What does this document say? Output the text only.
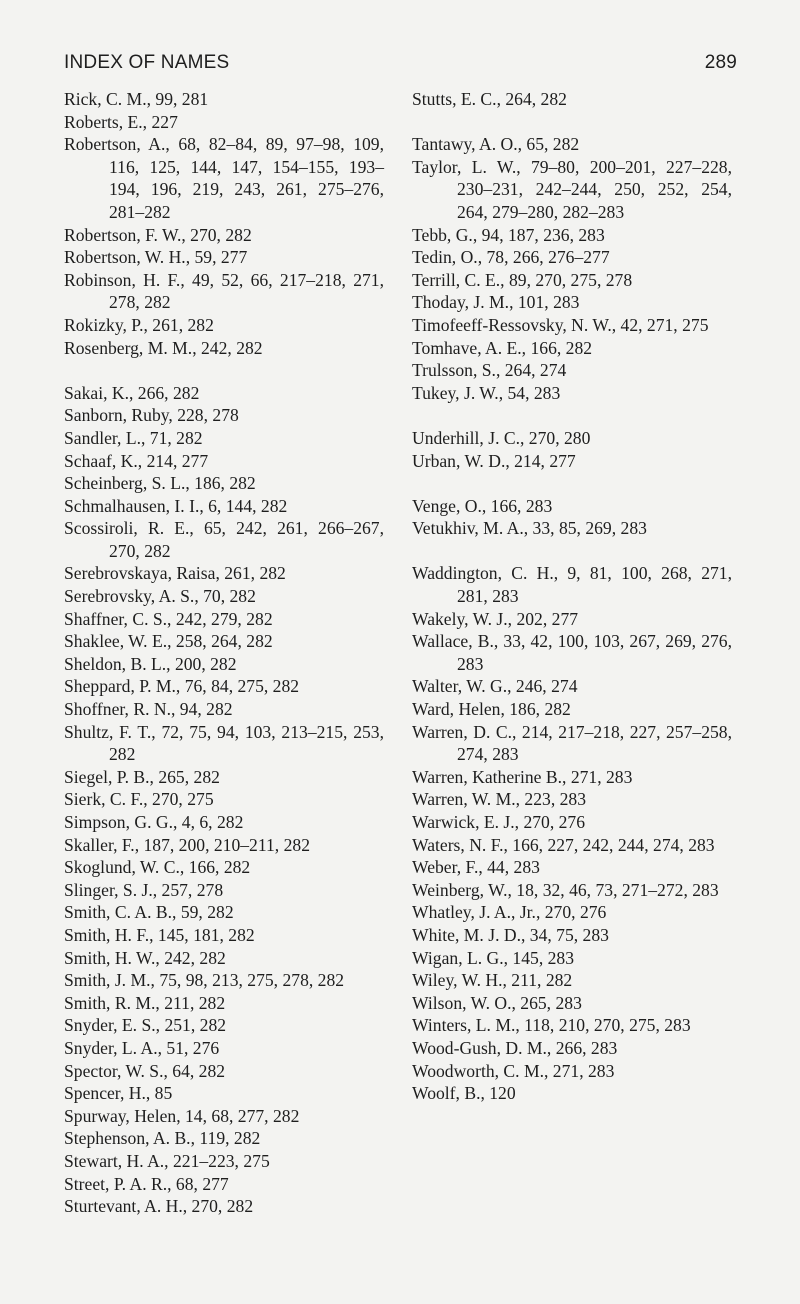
INDEX OF NAMES	289
Rick, C. M., 99, 281
Roberts, E., 227
Robertson, A., 68, 82–84, 89, 97–98, 109, 116, 125, 144, 147, 154–155, 193–194, 196, 219, 243, 261, 275–276, 281–282
Robertson, F. W., 270, 282
Robertson, W. H., 59, 277
Robinson, H. F., 49, 52, 66, 217–218, 271, 278, 282
Rokizky, P., 261, 282
Rosenberg, M. M., 242, 282
Sakai, K., 266, 282
Sanborn, Ruby, 228, 278
Sandler, L., 71, 282
Schaaf, K., 214, 277
Scheinberg, S. L., 186, 282
Schmalhausen, I. I., 6, 144, 282
Scossiroli, R. E., 65, 242, 261, 266–267, 270, 282
Serebrovskaya, Raisa, 261, 282
Serebrovsky, A. S., 70, 282
Shaffner, C. S., 242, 279, 282
Shaklee, W. E., 258, 264, 282
Sheldon, B. L., 200, 282
Sheppard, P. M., 76, 84, 275, 282
Shoffner, R. N., 94, 282
Shultz, F. T., 72, 75, 94, 103, 213–215, 253, 282
Siegel, P. B., 265, 282
Sierk, C. F., 270, 275
Simpson, G. G., 4, 6, 282
Skaller, F., 187, 200, 210–211, 282
Skoglund, W. C., 166, 282
Slinger, S. J., 257, 278
Smith, C. A. B., 59, 282
Smith, H. F., 145, 181, 282
Smith, H. W., 242, 282
Smith, J. M., 75, 98, 213, 275, 278, 282
Smith, R. M., 211, 282
Snyder, E. S., 251, 282
Snyder, L. A., 51, 276
Spector, W. S., 64, 282
Spencer, H., 85
Spurway, Helen, 14, 68, 277, 282
Stephenson, A. B., 119, 282
Stewart, H. A., 221–223, 275
Street, P. A. R., 68, 277
Sturtevant, A. H., 270, 282
Stutts, E. C., 264, 282
Tantawy, A. O., 65, 282
Taylor, L. W., 79–80, 200–201, 227–228, 230–231, 242–244, 250, 252, 254, 264, 279–280, 282–283
Tebb, G., 94, 187, 236, 283
Tedin, O., 78, 266, 276–277
Terrill, C. E., 89, 270, 275, 278
Thoday, J. M., 101, 283
Timofeeff-Ressovsky, N. W., 42, 271, 275
Tomhave, A. E., 166, 282
Trulsson, S., 264, 274
Tukey, J. W., 54, 283
Underhill, J. C., 270, 280
Urban, W. D., 214, 277
Venge, O., 166, 283
Vetukhiv, M. A., 33, 85, 269, 283
Waddington, C. H., 9, 81, 100, 268, 271, 281, 283
Wakely, W. J., 202, 277
Wallace, B., 33, 42, 100, 103, 267, 269, 276, 283
Walter, W. G., 246, 274
Ward, Helen, 186, 282
Warren, D. C., 214, 217–218, 227, 257–258, 274, 283
Warren, Katherine B., 271, 283
Warren, W. M., 223, 283
Warwick, E. J., 270, 276
Waters, N. F., 166, 227, 242, 244, 274, 283
Weber, F., 44, 283
Weinberg, W., 18, 32, 46, 73, 271–272, 283
Whatley, J. A., Jr., 270, 276
White, M. J. D., 34, 75, 283
Wigan, L. G., 145, 283
Wiley, W. H., 211, 282
Wilson, W. O., 265, 283
Winters, L. M., 118, 210, 270, 275, 283
Wood-Gush, D. M., 266, 283
Woodworth, C. M., 271, 283
Woolf, B., 120
